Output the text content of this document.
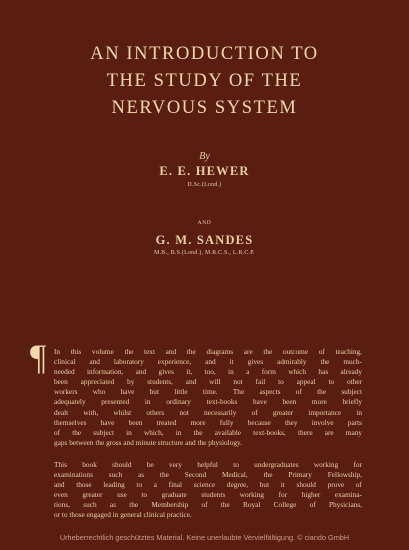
AN INTRODUCTION TO
THE STUDY OF THE
NERVOUS SYSTEM
By
E. E. HEWER
D.Sc.(Lond.)
AND
G. M. SANDES
M.B., B.S.(Lond.), M.R.C.S., L.R.C.P.
¶ In this volume the text and the diagrams are the outcome of teaching,
clinical and laboratory experience, and it gives admirably the much-
needed information, and gives it, too, in a form which has already
been appreciated by students, and will not fail to appeal to other
workers who have but little time. The aspects of the subject
adequately presented in ordinary text-books have been more briefly
dealt with, whilst others not necessarily of greater importance in
themselves have been treated more fully because they involve parts
of the subject in which, in the available text-books, there are many
gaps between the gross and minute structure and the physiology.
This book should be very helpful to undergraduates working for
examinations such as the Second Medical, the Primary Fellowship,
and those leading to a final science degree, but it should prove of
even greater use to graduate students working for higher examina-
tions, such as the Membership of the Royal College of Physicians,
or to those engaged in general clinical practice.
Urheberrechtlich geschütztes Material. Keine unerlaubte Vervielfältigung. © ciando GmbH
